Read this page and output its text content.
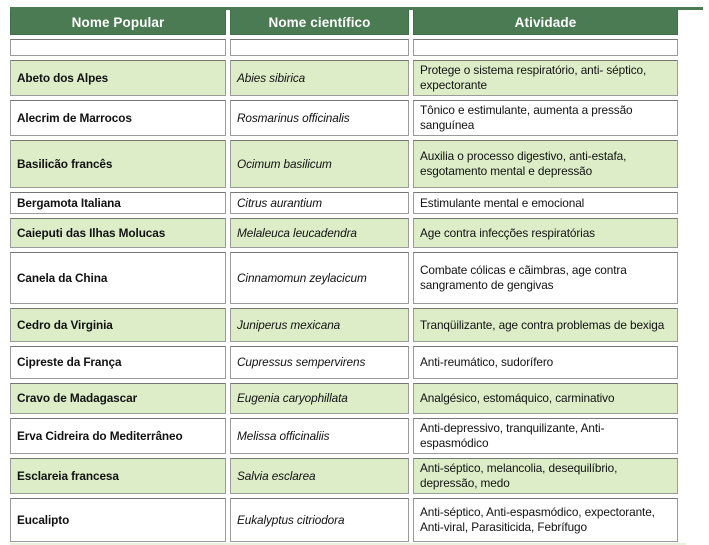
Nome Popular	Nome científico	Atividade

Abeto dos Alpes	Abies sibirica	Protege o sistema respiratório, anti- séptico, expectorante
Alecrim de Marrocos	Rosmarinus officinalis	Tônico e estimulante, aumenta a pressão sanguínea
Basilicão francês	Ocimum basilicum	Auxilia o processo digestivo, anti-estafa, esgotamento mental e depressão
Bergamota Italiana	Citrus aurantium	Estimulante mental e emocional
Caieputi das Ilhas Molucas	Melaleuca leucadendra	Age contra infecções respiratórias
Canela da China	Cinnamomun zeylacicum	Combate cólicas e cãimbras, age contra sangramento de gengivas
Cedro da Virginia	Juniperus mexicana	Tranqüilizante, age contra problemas de bexiga
Cipreste da França	Cupressus sempervirens	Anti-reumático, sudorífero
Cravo de Madagascar	Eugenia caryophillata	Analgésico, estomáquico, carminativo
Erva Cidreira do Mediterrâneo	Melissa officinaliis	Anti-depressivo, tranquilizante, Anti-espasmódico
Esclareia francesa	Salvia esclarea	Anti-séptico, melancolia, desequilíbrio, depressão, medo
Eucalipto	Eukalyptus citriodora	Anti-séptico, Anti-espasmódico, expectorante, Anti-viral, Parasiticida, Febrífugo
